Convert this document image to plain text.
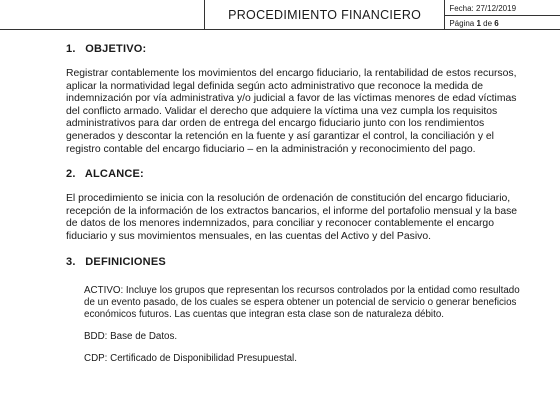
	PROCEDIMIENTO FINANCIERO	Fecha: 27/12/2019
Página 1 de 6

1. OBJETIVO:

Registrar contablemente los movimientos del encargo fiduciario, la rentabilidad de estos recursos, aplicar la normatividad legal definida según acto administrativo que reconoce la medida de indemnización por vía administrativa y/o judicial a favor de las víctimas menores de edad víctimas del conflicto armado. Validar el derecho que adquiere la víctima una vez cumpla los requisitos administrativos para dar orden de entrega del encargo fiduciario junto con los rendimientos generados y descontar la retención en la fuente y así garantizar el control, la conciliación y el registro contable del encargo fiduciario – en la administración y reconocimiento del pago.

2. ALCANCE:

El procedimiento se inicia con la resolución de ordenación de constitución del encargo fiduciario, recepción de la información de los extractos bancarios, el informe del portafolio mensual y la base de datos de los menores indemnizados, para conciliar y reconocer contablemente el encargo fiduciario y sus movimientos mensuales, en las cuentas del Activo y del Pasivo.

3. DEFINICIONES

ACTIVO: Incluye los grupos que representan los recursos controlados por la entidad como resultado de un evento pasado, de los cuales se espera obtener un potencial de servicio o generar beneficios económicos futuros. Las cuentas que integran esta clase son de naturaleza débito.

BDD: Base de Datos.

CDP: Certificado de Disponibilidad Presupuestal.
